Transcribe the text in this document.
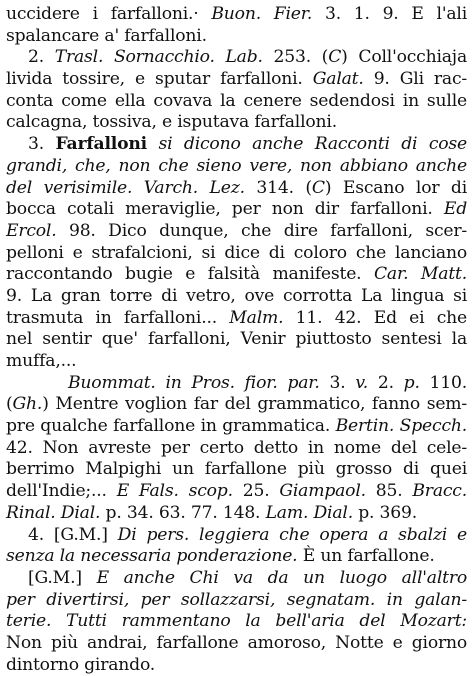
uccidere i farfalloni.· Buon. Fier. 3. 1. 9. E l'ali
spalancare a' farfalloni.
2. Trasl. Sornacchio. Lab. 253. (C) Coll'occhiaja
livida tossire, e sputar farfalloni. Galat. 9. Gli rac-
conta come ella covava la cenere sedendosi in sulle
calcagna, tossiva, e isputava farfalloni.
3. Farfalloni si dicono anche Racconti di cose
grandi, che, non che sieno vere, non abbiano anche
del verisimile. Varch. Lez. 314. (C) Escano lor di
bocca cotali meraviglie, per non dir farfalloni. Ed
Ercol. 98. Dico dunque, che dire farfalloni, scer-
pelloni e strafalcioni, si dice di coloro che lanciano
raccontando bugie e falsità manifeste. Car. Matt.
9. La gran torre di vetro, ove corrotta La lingua si
trasmuta in farfalloni... Malm. 11. 42. Ed ei che
nel sentir que' farfalloni, Venir piuttosto sentesi la
muffa,...
Buommat. in Pros. fior. par. 3. v. 2. p. 110.
(Gh.) Mentre voglion far del grammatico, fanno sem-
pre qualche farfallone in grammatica. Bertin. Specch.
42. Non avreste per certo detto in nome del cele-
berrimo Malpighi un farfallone più grosso di quei
dell'Indie;... E Fals. scop. 25. Giampaol. 85. Bracc.
Rinal. Dial. p. 34. 63. 77. 148. Lam. Dial. p. 369.
4. [G.M.] Di pers. leggiera che opera a sbalzi e
senza la necessaria ponderazione. È un farfallone.
[G.M.] E anche Chi va da un luogo all'altro
per divertirsi, per sollazzarsi, segnatam. in galan-
terie. Tutti rammentano la bell'aria del Mozart:
Non più andrai, farfallone amoroso, Notte e giorno
dintorno girando.
